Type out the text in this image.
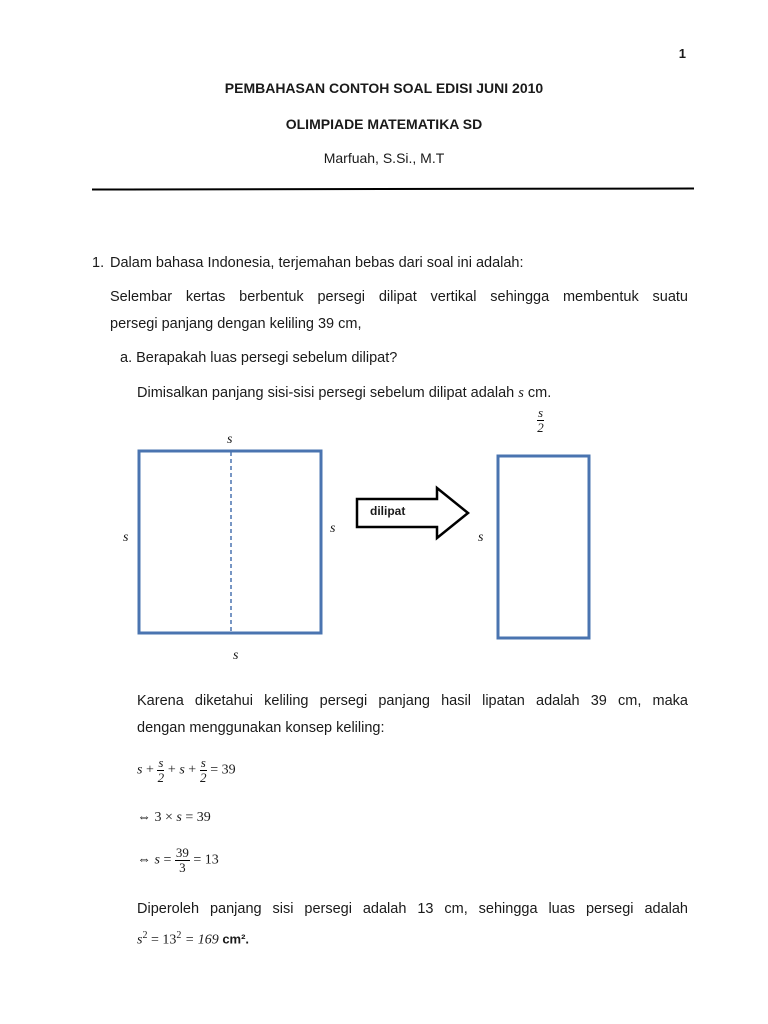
1
PEMBAHASAN CONTOH SOAL EDISI JUNI 2010
OLIMPIADE MATEMATIKA SD
Marfuah, S.Si., M.T
1. Dalam bahasa Indonesia, terjemahan bebas dari soal ini adalah:
Selembar kertas berbentuk persegi dilipat vertikal sehingga membentuk suatu
persegi panjang dengan keliling 39 cm,
a. Berapakah luas persegi sebelum dilipat?
Dimisalkan panjang sisi-sisi persegi sebelum dilipat adalah s cm.
s
s
s
s
dilipat
s
$\frac{s}{2}$
Karena diketahui keliling persegi panjang hasil lipatan adalah 39 cm, maka
dengan menggunakan konsep keliling:
$s + \frac{s}{2} + s + \frac{s}{2} = 39$
⇔ 3 × s = 39
⇔ $s = \frac{39}{3} = 13$
Diperoleh panjang sisi persegi adalah 13 cm, sehingga luas persegi adalah
$s^2 = 13^2 = 169$ cm².
